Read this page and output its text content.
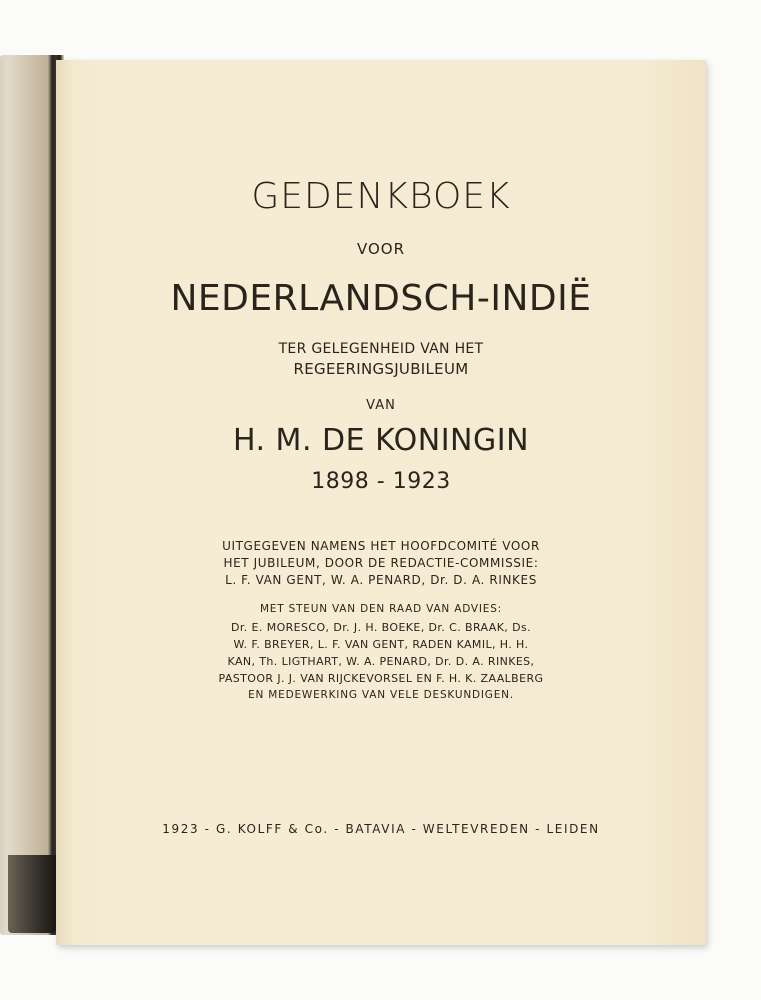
GEDENKBOEK
VOOR
NEDERLANDSCH-INDIË
TER GELEGENHEID VAN HET
REGEERINGSJUBILEUM
VAN
H. M. DE KONINGIN
1898 - 1923
UITGEGEVEN NAMENS HET HOOFDCOMITÉ VOOR
HET JUBILEUM, DOOR DE REDACTIE-COMMISSIE:
L. F. VAN GENT, W. A. PENARD, Dr. D. A. RINKES
MET STEUN VAN DEN RAAD VAN ADVIES:
Dr. E. MORESCO, Dr. J. H. BOEKE, Dr. C. BRAAK, Ds.
W. F. BREYER, L. F. VAN GENT, RADEN KAMIL, H. H.
KAN, Th. LIGTHART, W. A. PENARD, Dr. D. A. RINKES,
PASTOOR J. J. VAN RIJCKEVORSEL EN F. H. K. ZAALBERG
EN MEDEWERKING VAN VELE DESKUNDIGEN.
1923 - G. KOLFF & Co. - BATAVIA - WELTEVREDEN - LEIDEN
